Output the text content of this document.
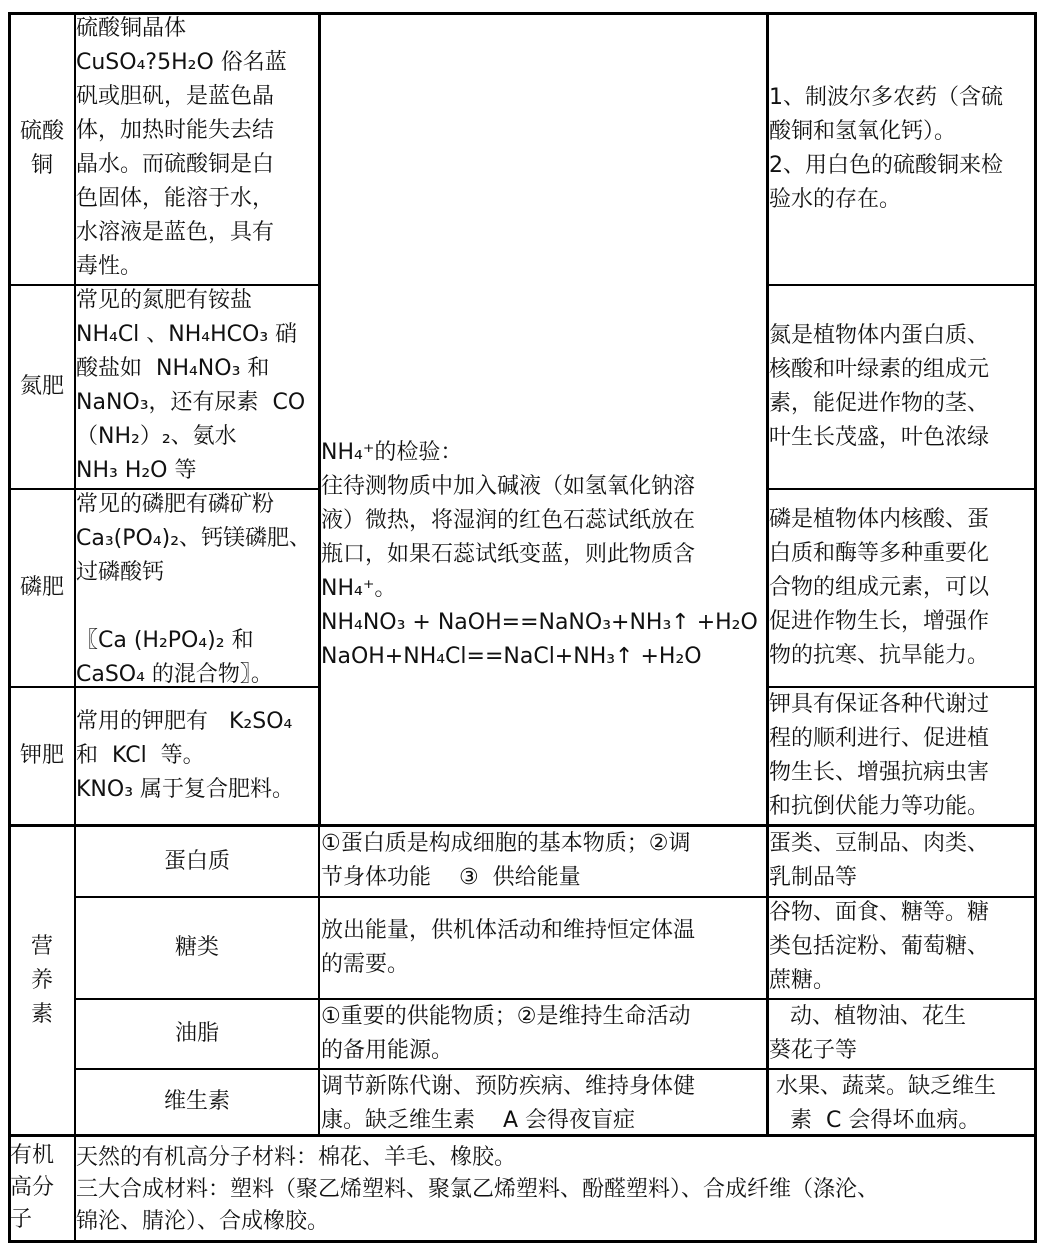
硫酸
铜
硫酸铜晶体
CuSO₄?5H₂O 俗名蓝
矾或胆矾，是蓝色晶
体，加热时能失去结
晶水。而硫酸铜是白
色固体，能溶于水，
水溶液是蓝色，具有
毒性。
1、制波尔多农药（含硫
酸铜和氢氧化钙）。
2、用白色的硫酸铜来检
验水的存在。
氮肥
常见的氮肥有铵盐
NH₄Cl 、NH₄HCO₃ 硝
酸盐如  NH₄NO₃ 和
NaNO₃，还有尿素  CO
（NH₂）₂、氨水
NH₃ H₂O 等
氮是植物体内蛋白质、
核酸和叶绿素的组成元
素，能促进作物的茎、
叶生长茂盛，叶色浓绿
NH₄⁺的检验：
往待测物质中加入碱液（如氢氧化钠溶
液）微热，将湿润的红色石蕊试纸放在
瓶口，如果石蕊试纸变蓝，则此物质含
NH₄⁺。
NH₄NO₃ + NaOH==NaNO₃+NH₃↑ +H₂O
NaOH+NH₄Cl==NaCl+NH₃↑ +H₂O
磷肥
常见的磷肥有磷矿粉
Ca₃(PO₄)₂、钙镁磷肥、
过磷酸钙

〖Ca (H₂PO₄)₂ 和
CaSO₄ 的混合物〗。
磷是植物体内核酸、蛋
白质和酶等多种重要化
合物的组成元素，可以
促进作物生长，增强作
物的抗寒、抗旱能力。
钾肥
常用的钾肥有   K₂SO₄
和  KCl  等。
KNO₃ 属于复合肥料。
钾具有保证各种代谢过
程的顺利进行、促进植
物生长、增强抗病虫害
和抗倒伏能力等功能。
营
养
素
蛋白质
①蛋白质是构成细胞的基本物质；②调
节身体功能    ③  供给能量
蛋类、豆制品、肉类、
乳制品等
糖类
放出能量，供机体活动和维持恒定体温
的需要。
谷物、面食、糖等。糖
类包括淀粉、葡萄糖、
蔗糖。
油脂
①重要的供能物质；②是维持生命活动
的备用能源。
动、植物油、花生
葵花子等
维生素
调节新陈代谢、预防疾病、维持身体健
康。缺乏维生素    A 会得夜盲症
水果、蔬菜。缺乏维生
素  C 会得坏血病。
有机
高分
子
天然的有机高分子材料：棉花、羊毛、橡胶。
三大合成材料：塑料（聚乙烯塑料、聚氯乙烯塑料、酚醛塑料）、合成纤维（涤沦、
锦沦、腈沦）、合成橡胶。
